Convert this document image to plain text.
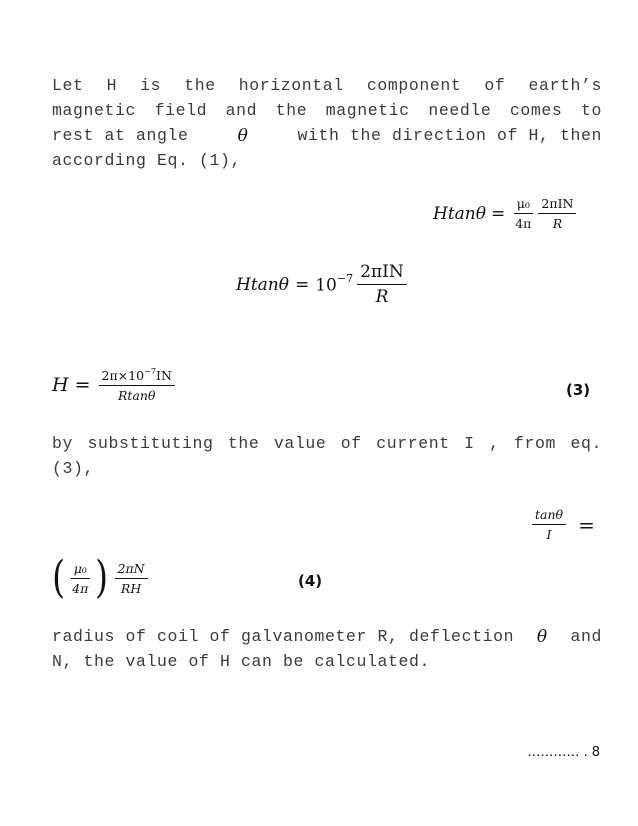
Let H is the horizontal component of earth’s
magnetic field and the magnetic needle comes to
rest at angle	θ	with the direction of H, then
according Eq. (1),
$Htan\theta = \frac{\text{μ₀}}{4\pi} \frac{\text{2πIN}}{R}$
$Htan\theta = 10^{-7} \frac{\text{2πIN}}{R}$
$H = \frac{2\pi\times 10^{-7}IN}{Rtan\theta}$	(3)
by substituting the value of current I , from eq.
(3),
$\frac{\tan\theta}{I}$ =
( $\frac{\text{μ₀}}{4\pi}$ ) $\frac{2\pi N}{RH}$	(4)
radius of coil of galvanometer R, deflection θ and
N, the value of H can be calculated.
………… . 8
